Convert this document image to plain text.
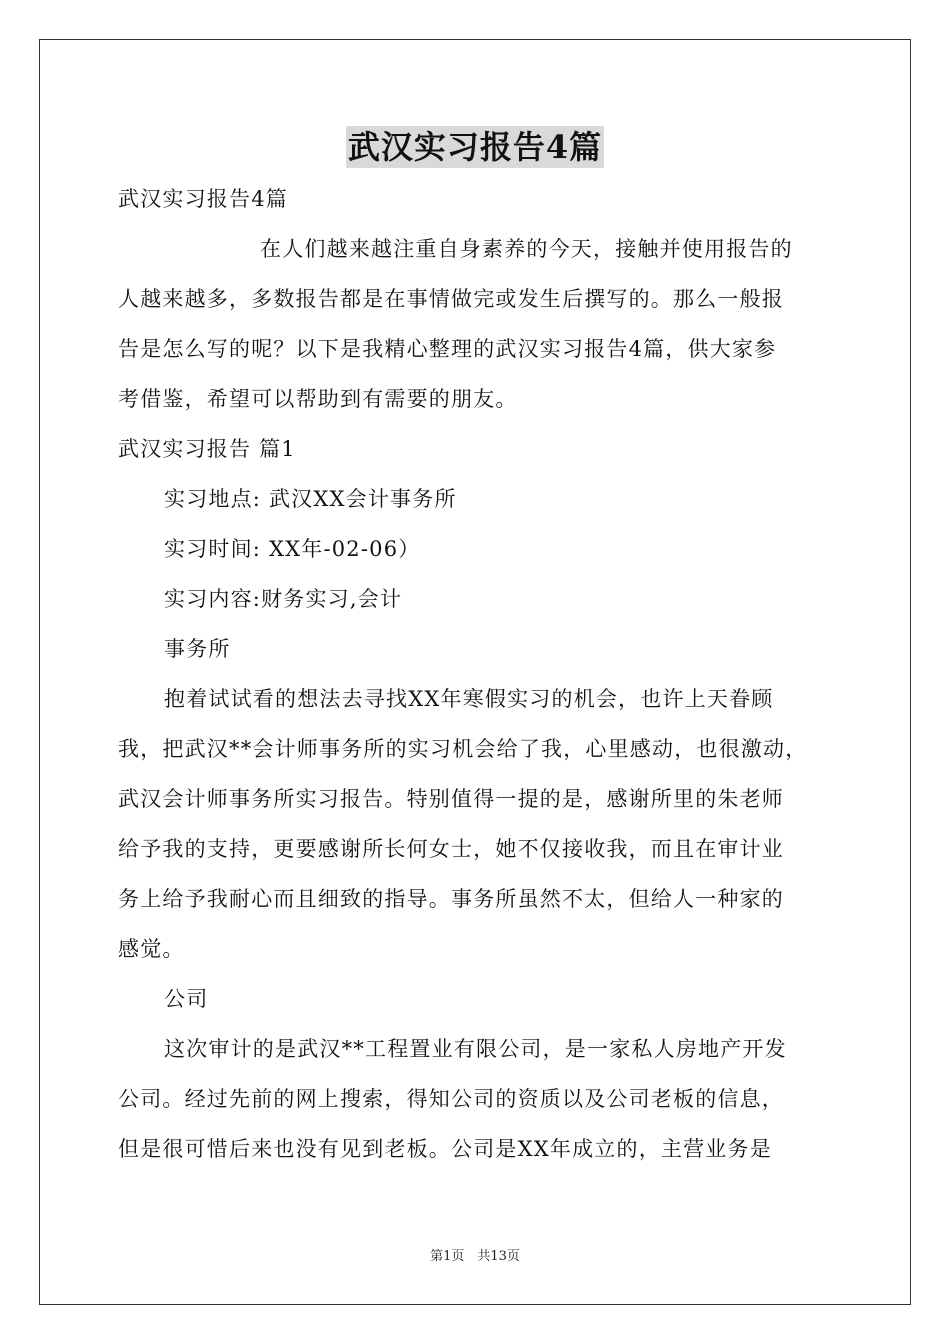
武汉实习报告4篇
武汉实习报告4篇
在人们越来越注重自身素养的今天，接触并使用报告的
人越来越多，多数报告都是在事情做完或发生后撰写的。那么一般报
告是怎么写的呢？以下是我精心整理的武汉实习报告4篇，供大家参
考借鉴，希望可以帮助到有需要的朋友。
武汉实习报告 篇1
实习地点: 武汉XX会计事务所
实习时间: XX年-02-06）
实习内容:财务实习,会计
事务所
抱着试试看的想法去寻找XX年寒假实习的机会，也许上天眷顾
我，把武汉**会计师事务所的实习机会给了我，心里感动，也很激动，
武汉会计师事务所实习报告。特别值得一提的是，感谢所里的朱老师
给予我的支持，更要感谢所长何女士，她不仅接收我，而且在审计业
务上给予我耐心而且细致的指导。事务所虽然不太，但给人一种家的
感觉。
公司
这次审计的是武汉**工程置业有限公司，是一家私人房地产开发
公司。经过先前的网上搜索，得知公司的资质以及公司老板的信息，
但是很可惜后来也没有见到老板。公司是XX年成立的，主营业务是
第1页　共13页
